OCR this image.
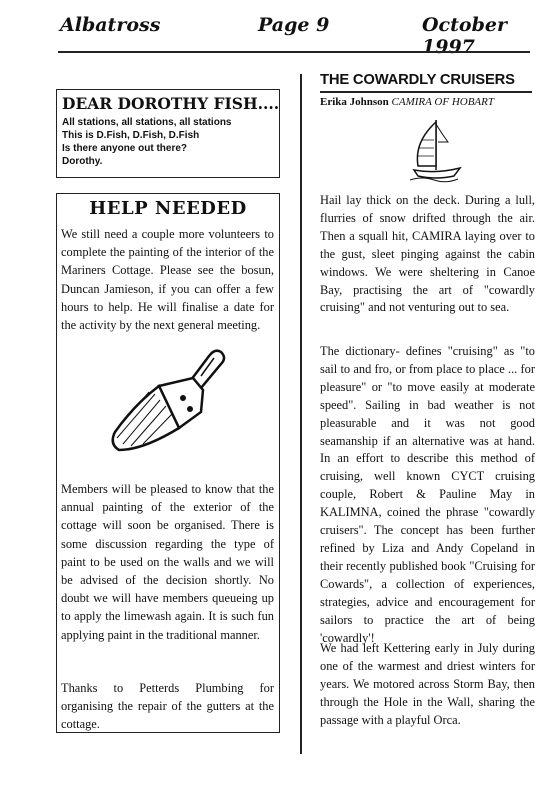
Albatross	Page 9	October 1997
DEAR DOROTHY FISH....
All stations, all stations, all stations
This is D.Fish, D.Fish, D.Fish
Is there anyone out there?
Dorothy.
HELP NEEDED
We still need a couple more volunteers to complete the painting of the interior of the Mariners Cottage. Please see the bosun, Duncan Jamieson, if you can offer a few hours to help. He will finalise a date for the activity by the next general meeting.
Members will be pleased to know that the annual painting of the exterior of the cottage will soon be organised. There is some discussion regarding the type of paint to be used on the walls and we will be advised of the decision shortly. No doubt we will have members queueing up to apply the limewash again. It is such fun applying paint in the traditional manner.
Thanks to Petterds Plumbing for organising the repair of the gutters at the cottage.
THE COWARDLY CRUISERS
Erika Johnson CAMIRA OF HOBART
Hail lay thick on the deck. During a lull, flurries of snow drifted through the air. Then a squall hit, CAMIRA laying over to the gust, sleet pinging against the cabin windows. We were sheltering in Canoe Bay, practising the art of "cowardly cruising" and not venturing out to sea.
The dictionary- defines "cruising" as "to sail to and fro, or from place to place ... for pleasure" or "to move easily at moderate speed". Sailing in bad weather is not pleasurable and it was not good seamanship if an alternative was at hand. In an effort to describe this method of cruising, well known CYCT cruising couple, Robert & Pauline May in KALIMNA, coined the phrase "cowardly cruisers". The concept has been further refined by Liza and Andy Copeland in their recently published book "Cruising for Cowards", a collection of experiences, strategies, advice and encouragement for sailors to practice the art of being 'cowardly'!
We had left Kettering early in July during one of the warmest and driest winters for years. We motored across Storm Bay, then through the Hole in the Wall, sharing the passage with a playful Orca.
